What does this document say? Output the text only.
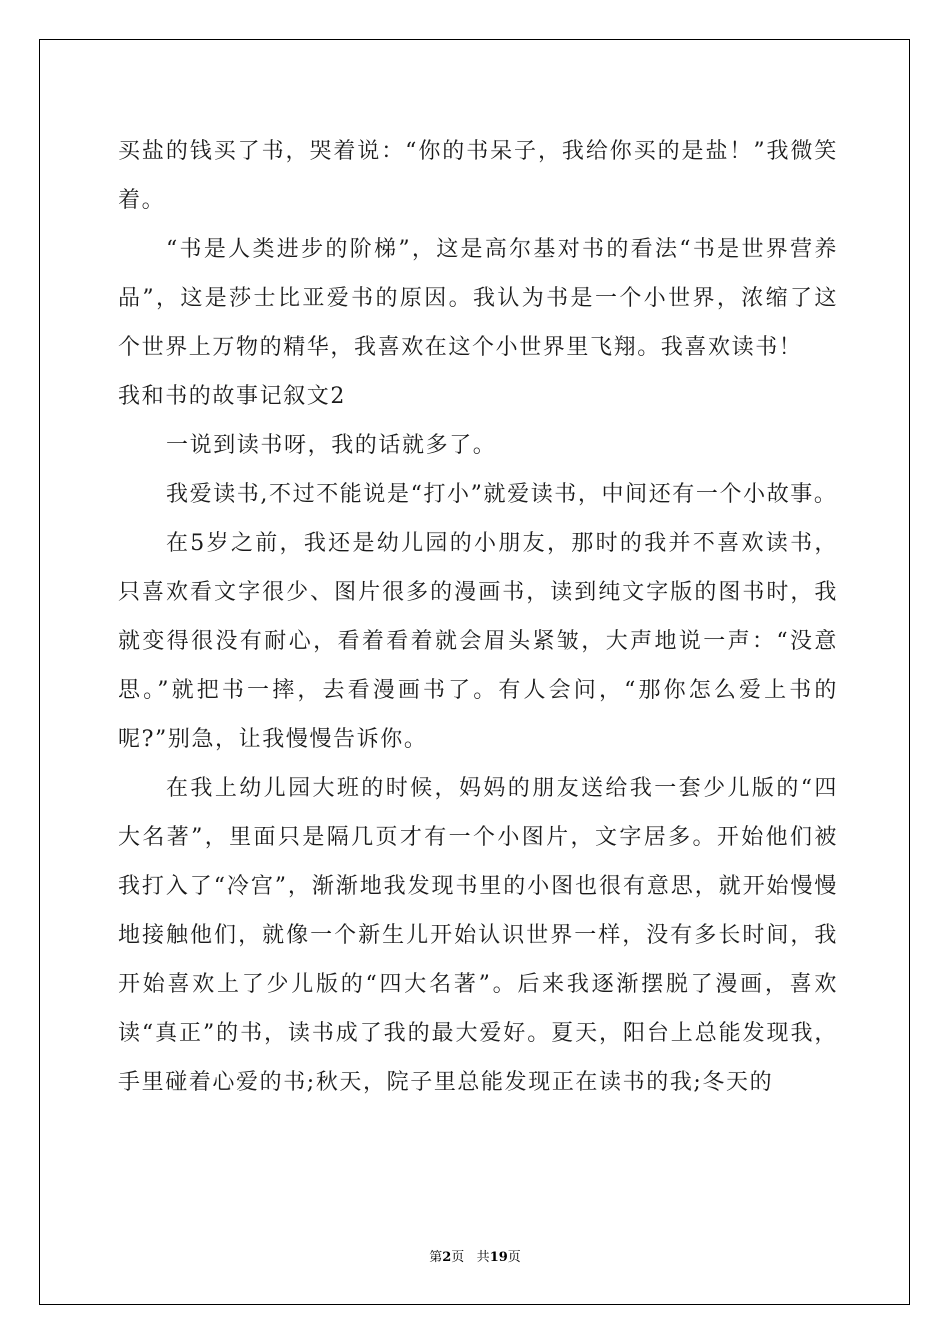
买盐的钱买了书，哭着说：“你的书呆子，我给你买的是盐！”我微笑着。

“书是人类进步的阶梯”，这是高尔基对书的看法“书是世界营养品”，这是莎士比亚爱书的原因。我认为书是一个小世界，浓缩了这个世界上万物的精华，我喜欢在这个小世界里飞翔。我喜欢读书！

我和书的故事记叙文2

一说到读书呀，我的话就多了。

我爱读书,不过不能说是“打小”就爱读书，中间还有一个小故事。

在5岁之前，我还是幼儿园的小朋友，那时的我并不喜欢读书，只喜欢看文字很少、图片很多的漫画书，读到纯文字版的图书时，我就变得很没有耐心，看着看着就会眉头紧皱，大声地说一声：“没意思。”就把书一摔，去看漫画书了。有人会问，“那你怎么爱上书的呢?”别急，让我慢慢告诉你。

在我上幼儿园大班的时候，妈妈的朋友送给我一套少儿版的“四大名著”，里面只是隔几页才有一个小图片，文字居多。开始他们被我打入了“冷宫”，渐渐地我发现书里的小图也很有意思，就开始慢慢地接触他们，就像一个新生儿开始认识世界一样，没有多长时间，我开始喜欢上了少儿版的“四大名著”。后来我逐渐摆脱了漫画，喜欢读“真正”的书，读书成了我的最大爱好。夏天，阳台上总能发现我，手里碰着心爱的书;秋天，院子里总能发现正在读书的我;冬天的

第2页 共19页
